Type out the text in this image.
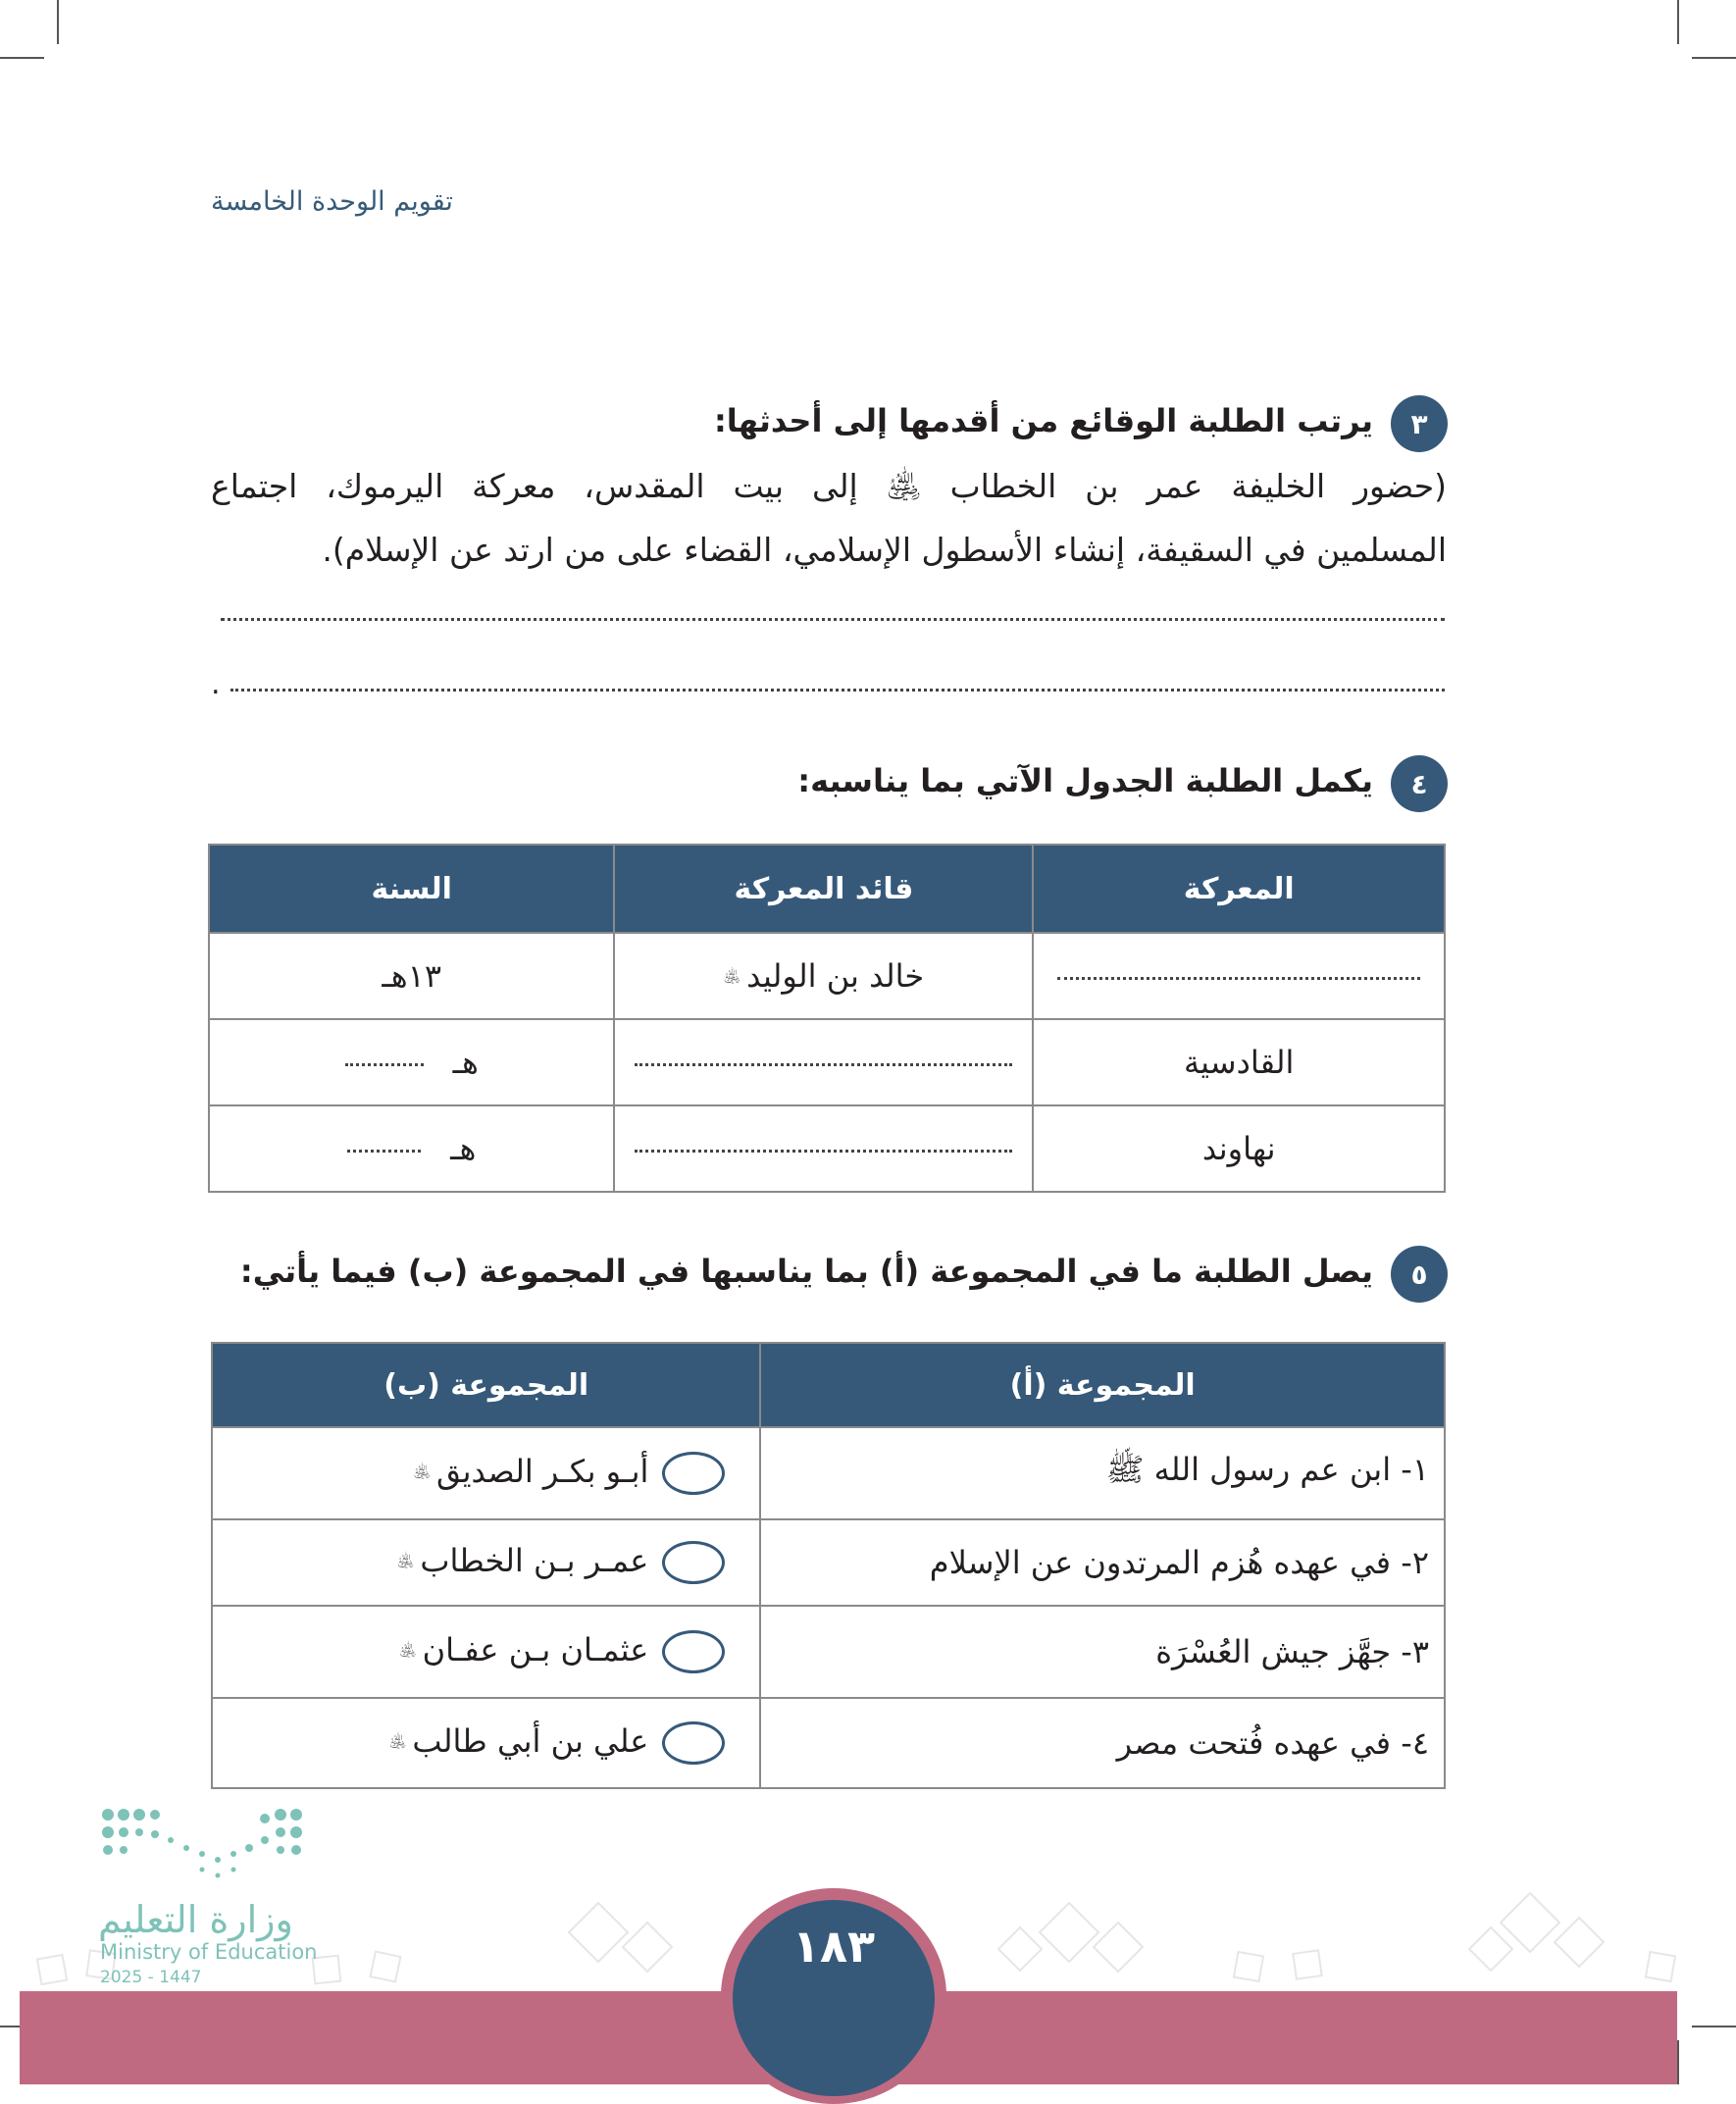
تقويم الوحدة الخامسة
٣
يرتب الطلبة الوقائع من أقدمها إلى أحدثها:
(حضور الخليفة عمر بن الخطاب ﵁ إلى بيت المقدس، معركة اليرموك، اجتماع
المسلمين في السقيفة، إنشاء الأسطول الإسلامي، القضاء على من ارتد عن الإسلام).
.
٤
يكمل الطلبة الجدول الآتي بما يناسبه:
المعركة	قائد المعركة	السنة
	خالد بن الوليد﵁	١٣هـ
القادسية		هـ
نهاوند		هـ
٥
يصل الطلبة ما في المجموعة (أ) بما يناسبها في المجموعة (ب) فيما يأتي:
المجموعة (أ)	المجموعة (ب)
١- ابن عم رسول الله ﷺ	أبـو بكـر الصديق﵁
٢- في عهده هُزم المرتدون عن الإسلام	عمـر بـن الخطاب﵁
٣- جهَّز جيش العُسْرَة	عثمـان بـن عفـان﵁
٤- في عهده فُتحت مصر	علي بن أبي طالب﵁
وزارة التعليم
Ministry of Education
2025 - 1447
١٨٣
